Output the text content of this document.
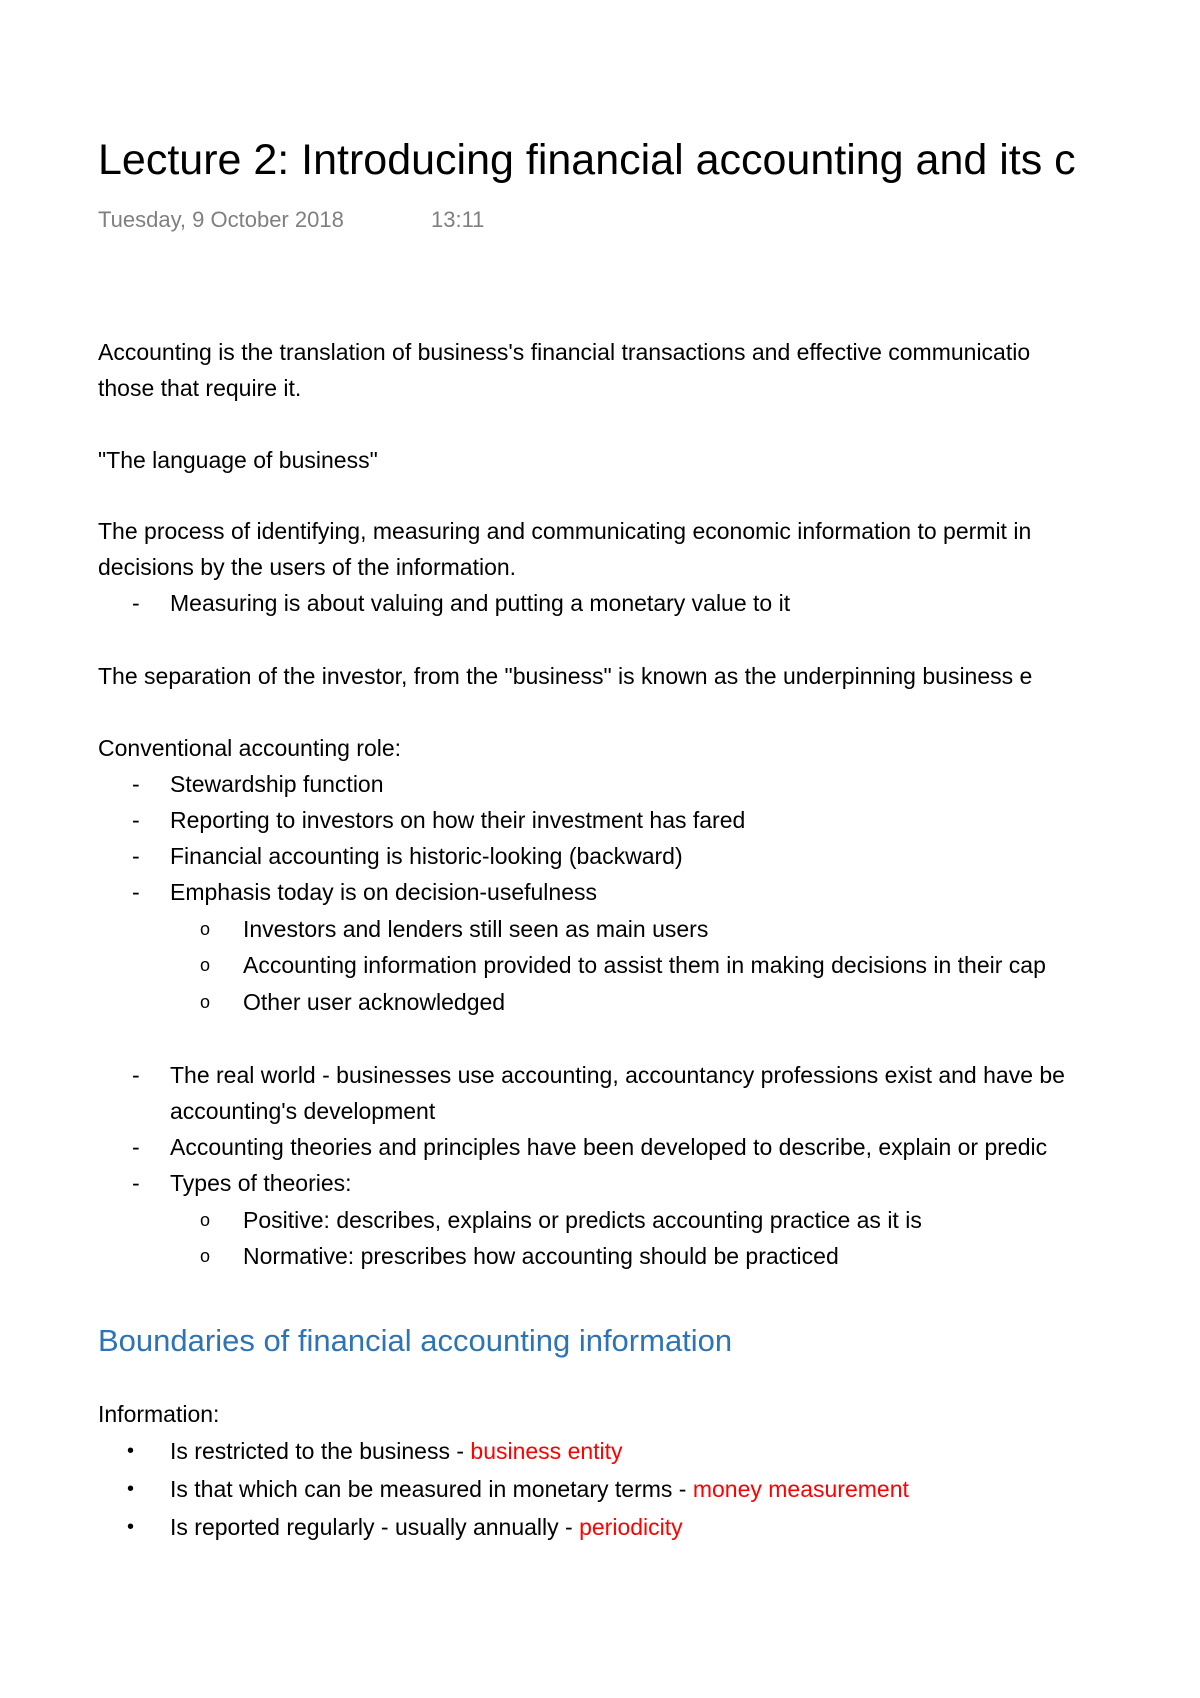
Lecture 2: Introducing financial accounting and its c
Tuesday, 9 October 2018	13:11
Accounting is the translation of business's financial transactions and effective communicatio
those that require it.
"The language of business"
The process of identifying, measuring and communicating economic information to permit in
decisions by the users of the information.
- Measuring is about valuing and putting a monetary value to it
The separation of the investor, from the "business" is known as the underpinning business e
Conventional accounting role:
- Stewardship function
- Reporting to investors on how their investment has fared
- Financial accounting is historic-looking (backward)
- Emphasis today is on decision-usefulness
o Investors and lenders still seen as main users
o Accounting information provided to assist them in making decisions in their cap
o Other user acknowledged
- The real world - businesses use accounting, accountancy professions exist and have be
accounting's development
- Accounting theories and principles have been developed to describe, explain or predic
- Types of theories:
o Positive: describes, explains or predicts accounting practice as it is
o Normative: prescribes how accounting should be practiced
Boundaries of financial accounting information
Information:
• Is restricted to the business - business entity
• Is that which can be measured in monetary terms - money measurement
• Is reported regularly - usually annually - periodicity
